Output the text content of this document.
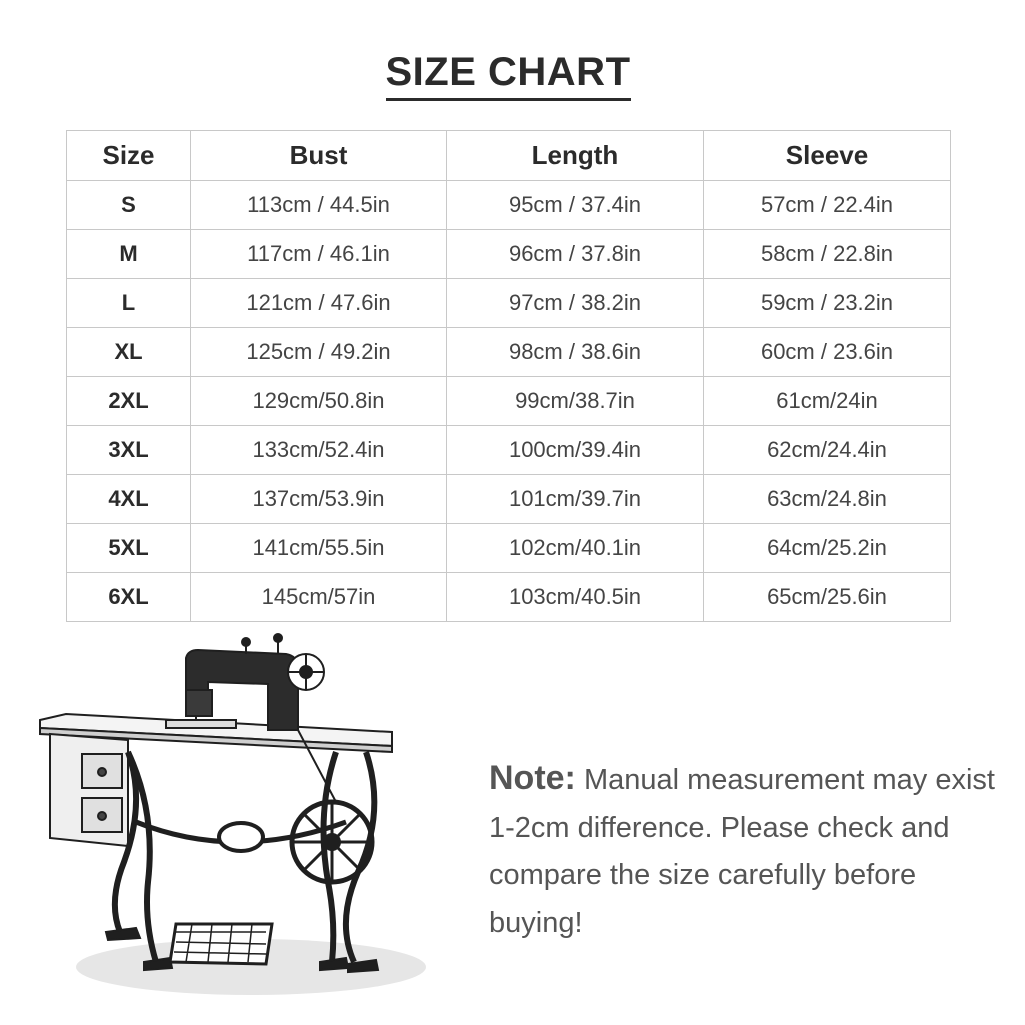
SIZE CHART
Size	Bust	Length	Sleeve
S	113cm / 44.5in	95cm / 37.4in	57cm / 22.4in
M	117cm / 46.1in	96cm / 37.8in	58cm / 22.8in
L	121cm / 47.6in	97cm / 38.2in	59cm / 23.2in
XL	125cm / 49.2in	98cm / 38.6in	60cm / 23.6in
2XL	129cm/50.8in	99cm/38.7in	61cm/24in
3XL	133cm/52.4in	100cm/39.4in	62cm/24.4in
4XL	137cm/53.9in	101cm/39.7in	63cm/24.8in
5XL	141cm/55.5in	102cm/40.1in	64cm/25.2in
6XL	145cm/57in	103cm/40.5in	65cm/25.6in
Note: Manual measurement may exist 1-2cm difference. Please check and compare the size carefully before buying!
